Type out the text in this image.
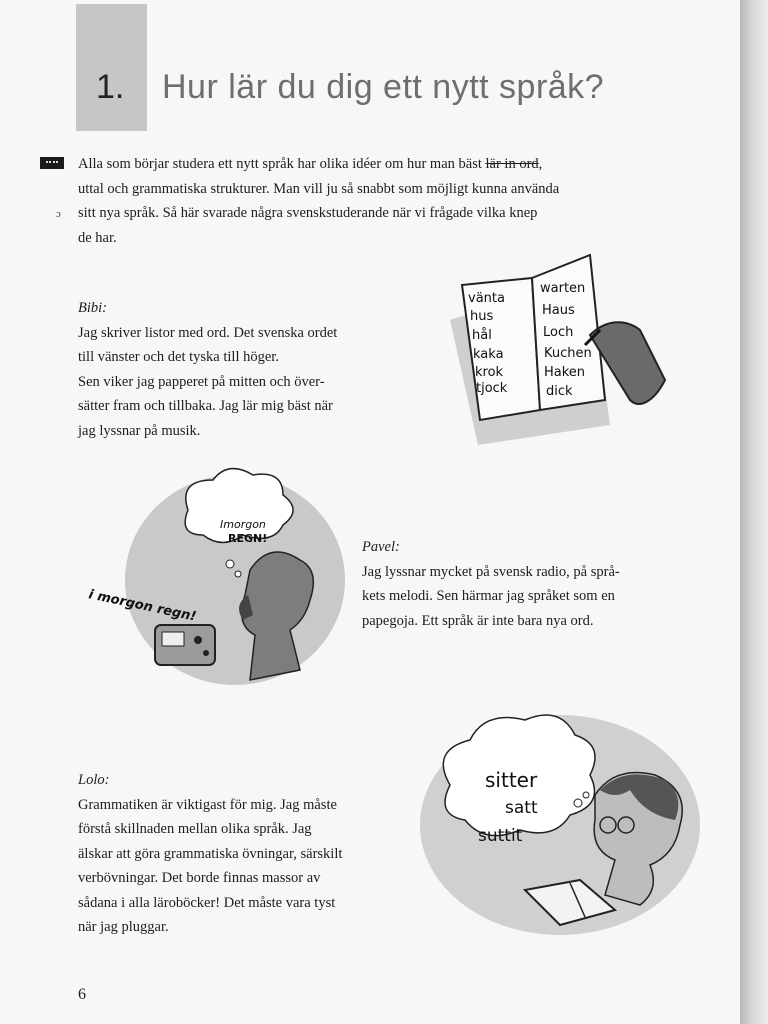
1. Hur lär du dig ett nytt språk?
ɔ
Alla som börjar studera ett nytt språk har olika idéer om hur man bäst lär in ord,
uttal och grammatiska strukturer. Man vill ju så snabbt som möjligt kunna använda
sitt nya språk. Så här svarade några svenskstuderande när vi frågade vilka knep
de har.
Bibi:
Jag skriver listor med ord. Det svenska ordet
till vänster och det tyska till höger.
Sen viker jag papperet på mitten och över-
sätter fram och tillbaka. Jag lär mig bäst när
jag lyssnar på musik.
Pavel:
Jag lyssnar mycket på svensk radio, på språ-
kets melodi. Sen härmar jag språket som en
papegoja. Ett språk är inte bara nya ord.
Lolo:
Grammatiken är viktigast för mig. Jag måste
förstå skillnaden mellan olika språk. Jag
älskar att göra grammatiska övningar, särskilt
verbövningar. Det borde finnas massor av
sådana i alla läroböcker! Det måste vara tyst
när jag pluggar.
vänta
hus
hål
kaka
krok
tjock
warten
Haus
Loch
Kuchen
Haken
dick
Imorgon
REGN!
i morgon regn!
sitter
satt
suttit
6
